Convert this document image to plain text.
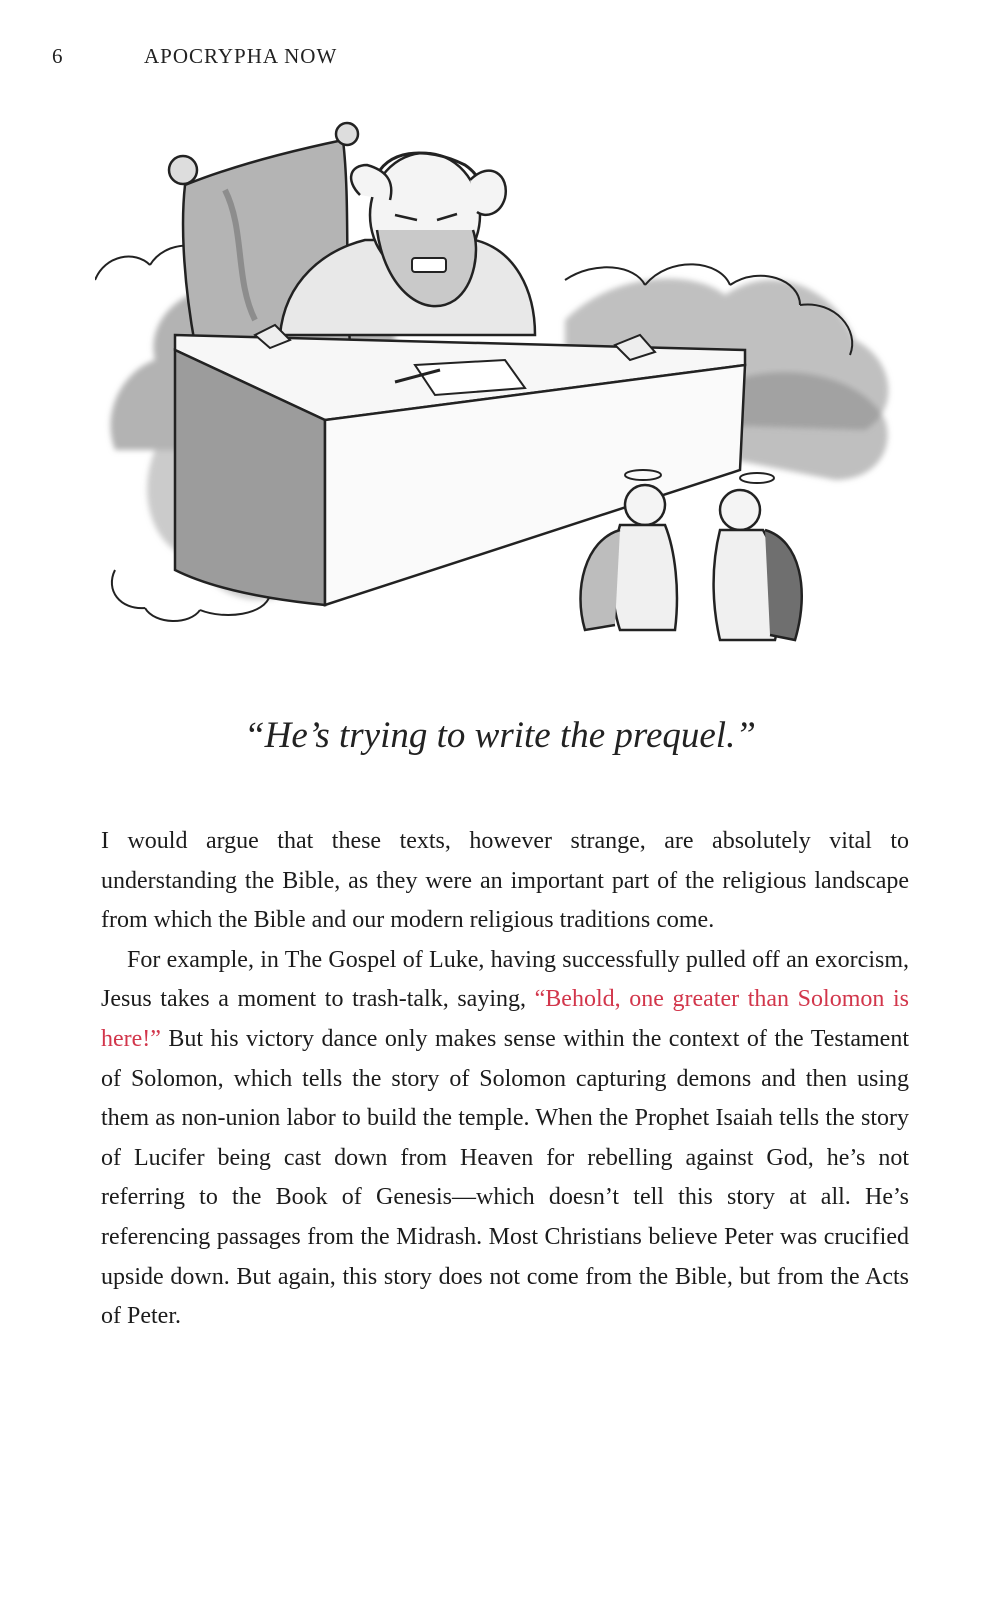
6	APOCRYPHA NOW
“He’s trying to write the prequel.”

I would argue that these texts, however strange, are absolutely vital to understanding the Bible, as they were an important part of the religious landscape from which the Bible and our modern religious traditions come.

For example, in The Gospel of Luke, having successfully pulled off an exorcism, Jesus takes a moment to trash-talk, saying, “Behold, one greater than Solomon is here!” But his victory dance only makes sense within the context of the Testament of Solomon, which tells the story of Solomon capturing demons and then using them as non-union labor to build the temple. When the Prophet Isaiah tells the story of Lucifer being cast down from Heaven for rebelling against God, he’s not referring to the Book of Genesis—which doesn’t tell this story at all. He’s referencing passages from the Midrash. Most Christians believe Peter was crucified upside down. But again, this story does not come from the Bible, but from the Acts of Peter.
